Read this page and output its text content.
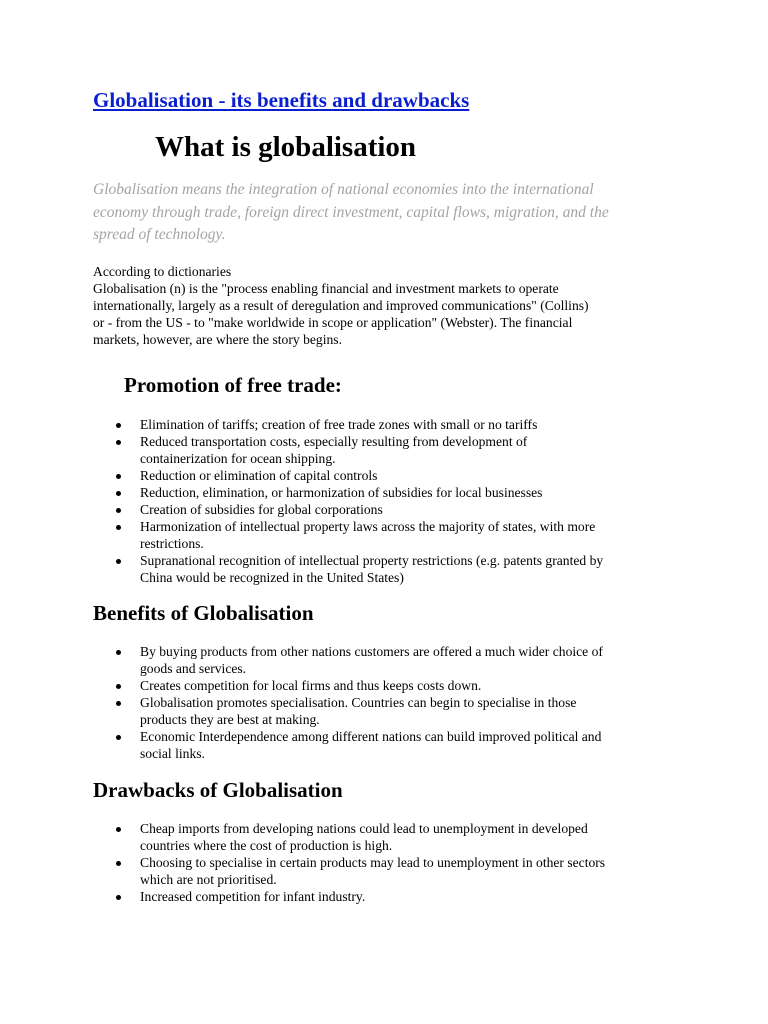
Globalisation - its benefits and drawbacks
What is globalisation

Globalisation means the integration of national economies into the international
economy through trade, foreign direct investment, capital flows, migration, and the
spread of technology.

According to dictionaries
Globalisation (n) is the "process enabling financial and investment markets to operate
internationally, largely as a result of deregulation and improved communications" (Collins)
or - from the US - to "make worldwide in scope or application" (Webster). The financial
markets, however, are where the story begins.

Promotion of free trade:
Elimination of tariffs; creation of free trade zones with small or no tariffs
Reduced transportation costs, especially resulting from development of
containerization for ocean shipping.
Reduction or elimination of capital controls
Reduction, elimination, or harmonization of subsidies for local businesses
Creation of subsidies for global corporations
Harmonization of intellectual property laws across the majority of states, with more
restrictions.
Supranational recognition of intellectual property restrictions (e.g. patents granted by
China would be recognized in the United States)
Benefits of Globalisation
By buying products from other nations customers are offered a much wider choice of
goods and services.
Creates competition for local firms and thus keeps costs down.
Globalisation promotes specialisation. Countries can begin to specialise in those
products they are best at making.
Economic Interdependence among different nations can build improved political and
social links.
Drawbacks of Globalisation
Cheap imports from developing nations could lead to unemployment in developed
countries where the cost of production is high.
Choosing to specialise in certain products may lead to unemployment in other sectors
which are not prioritised.
Increased competition for infant industry.
